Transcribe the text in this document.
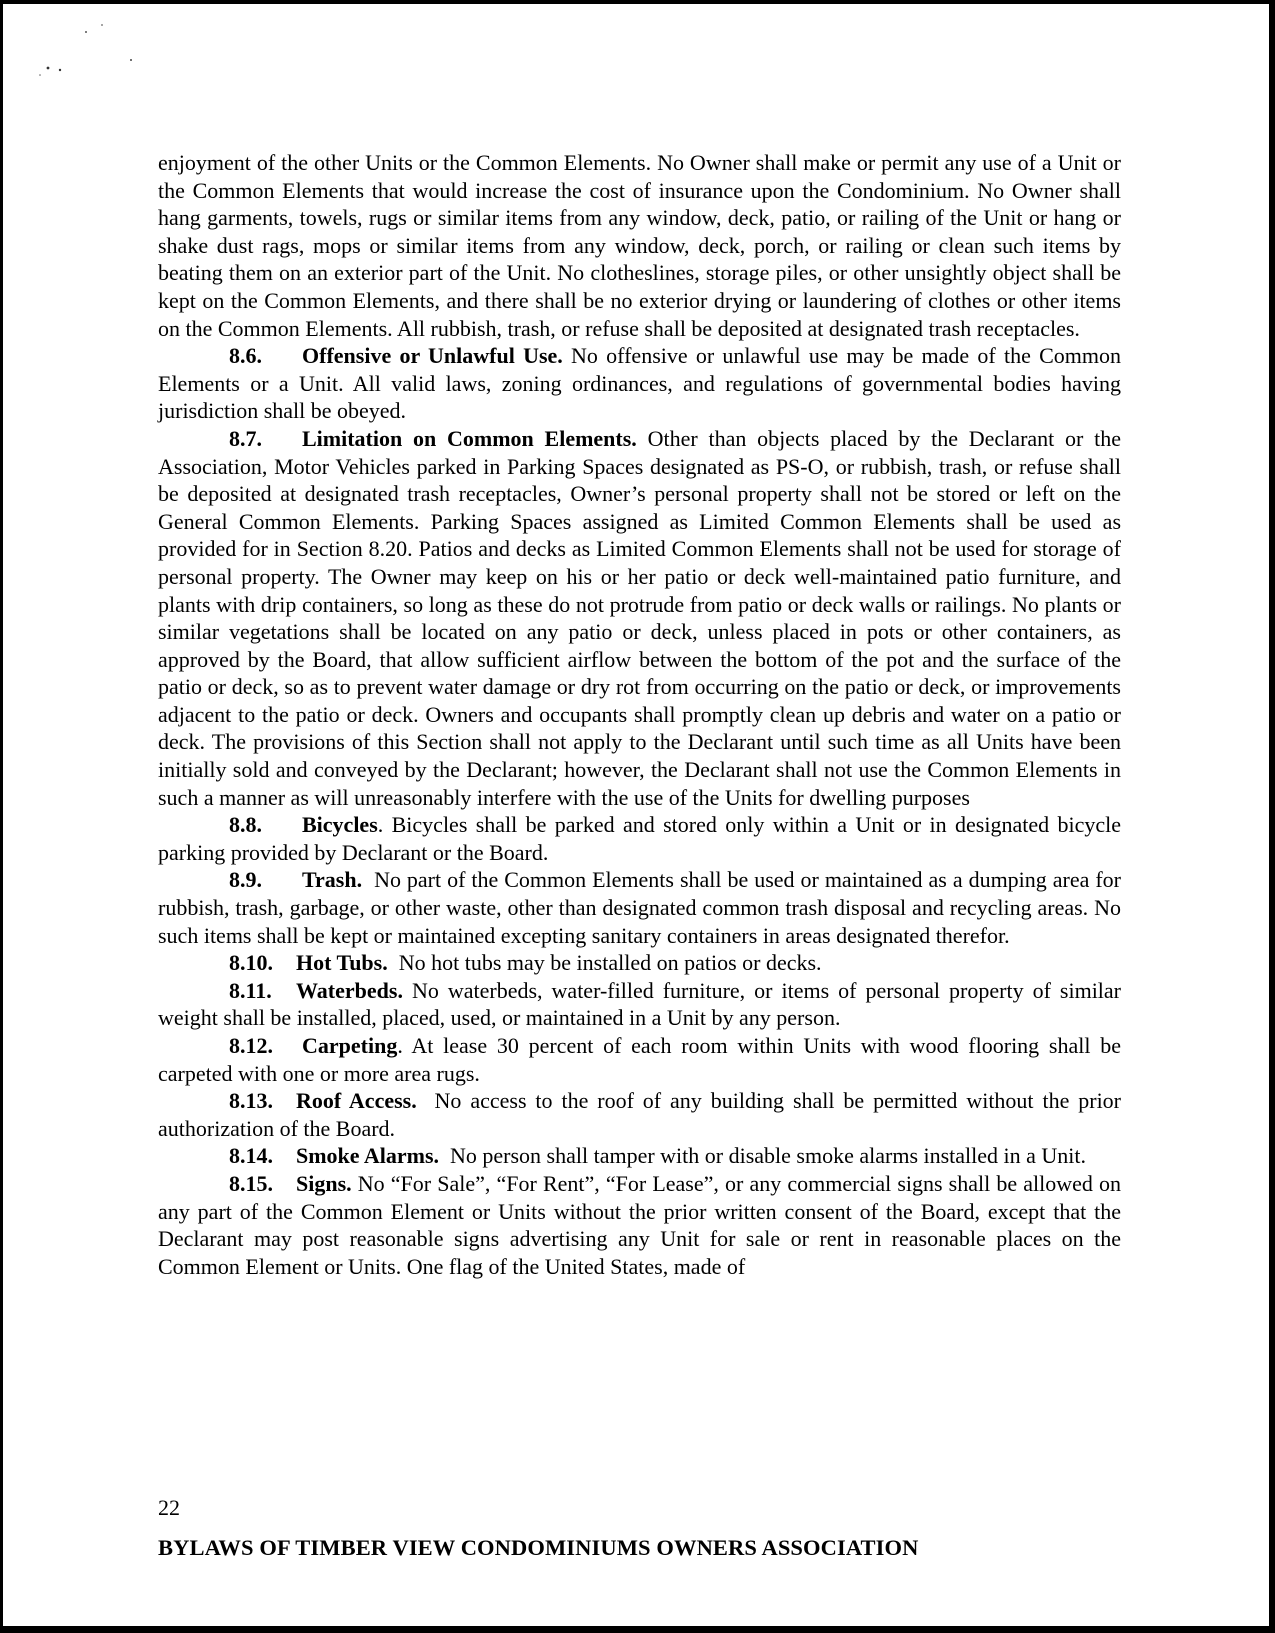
enjoyment of the other Units or the Common Elements. No Owner shall make or permit any use of a Unit or the Common Elements that would increase the cost of insurance upon the Condominium. No Owner shall hang garments, towels, rugs or similar items from any window, deck, patio, or railing of the Unit or hang or shake dust rags, mops or similar items from any window, deck, porch, or railing or clean such items by beating them on an exterior part of the Unit. No clotheslines, storage piles, or other unsightly object shall be kept on the Common Elements, and there shall be no exterior drying or laundering of clothes or other items on the Common Elements. All rubbish, trash, or refuse shall be deposited at designated trash receptacles.

8.6. Offensive or Unlawful Use. No offensive or unlawful use may be made of the Common Elements or a Unit. All valid laws, zoning ordinances, and regulations of governmental bodies having jurisdiction shall be obeyed.

8.7. Limitation on Common Elements. Other than objects placed by the Declarant or the Association, Motor Vehicles parked in Parking Spaces designated as PS-O, or rubbish, trash, or refuse shall be deposited at designated trash receptacles, Owner’s personal property shall not be stored or left on the General Common Elements. Parking Spaces assigned as Limited Common Elements shall be used as provided for in Section 8.20. Patios and decks as Limited Common Elements shall not be used for storage of personal property. The Owner may keep on his or her patio or deck well-maintained patio furniture, and plants with drip containers, so long as these do not protrude from patio or deck walls or railings. No plants or similar vegetations shall be located on any patio or deck, unless placed in pots or other containers, as approved by the Board, that allow sufficient airflow between the bottom of the pot and the surface of the patio or deck, so as to prevent water damage or dry rot from occurring on the patio or deck, or improvements adjacent to the patio or deck. Owners and occupants shall promptly clean up debris and water on a patio or deck. The provisions of this Section shall not apply to the Declarant until such time as all Units have been initially sold and conveyed by the Declarant; however, the Declarant shall not use the Common Elements in such a manner as will unreasonably interfere with the use of the Units for dwelling purposes

8.8. Bicycles. Bicycles shall be parked and stored only within a Unit or in designated bicycle parking provided by Declarant or the Board.

8.9. Trash. No part of the Common Elements shall be used or maintained as a dumping area for rubbish, trash, garbage, or other waste, other than designated common trash disposal and recycling areas. No such items shall be kept or maintained excepting sanitary containers in areas designated therefor.

8.10. Hot Tubs. No hot tubs may be installed on patios or decks.

8.11. Waterbeds. No waterbeds, water-filled furniture, or items of personal property of similar weight shall be installed, placed, used, or maintained in a Unit by any person.

8.12. Carpeting. At lease 30 percent of each room within Units with wood flooring shall be carpeted with one or more area rugs.

8.13. Roof Access. No access to the roof of any building shall be permitted without the prior authorization of the Board.

8.14. Smoke Alarms. No person shall tamper with or disable smoke alarms installed in a Unit.

8.15. Signs. No “For Sale”, “For Rent”, “For Lease”, or any commercial signs shall be allowed on any part of the Common Element or Units without the prior written consent of the Board, except that the Declarant may post reasonable signs advertising any Unit for sale or rent in reasonable places on the Common Element or Units. One flag of the United States, made of

22
BYLAWS OF TIMBER VIEW CONDOMINIUMS OWNERS ASSOCIATION
